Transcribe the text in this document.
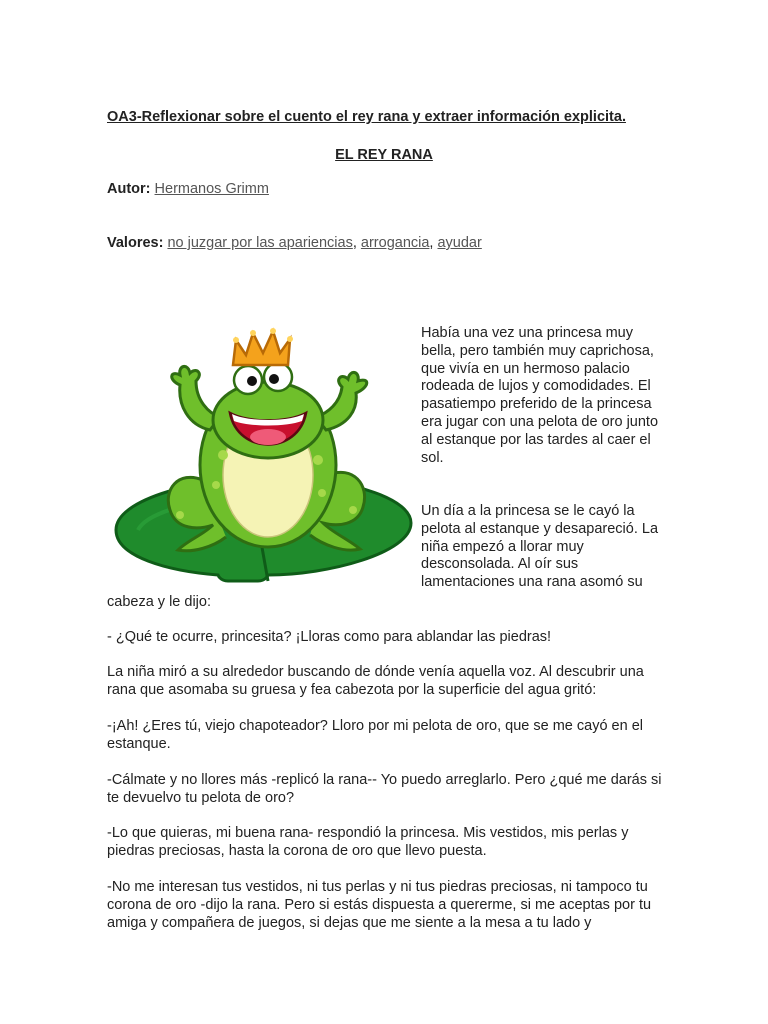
OA3-Reflexionar sobre el cuento el rey rana y extraer información explicita.
EL REY RANA
Autor: Hermanos Grimm
Valores: no juzgar por las apariencias, arrogancia, ayudar
Había una vez una princesa muy bella, pero también muy caprichosa, que vivía en un hermoso palacio rodeada de lujos y comodidades. El pasatiempo preferido de la princesa era jugar con una pelota de oro junto al estanque por las tardes al caer el sol.
Un día a la princesa se le cayó la pelota al estanque y desapareció. La niña empezó a llorar muy desconsolada. Al oír sus lamentaciones una rana asomó su
cabeza y le dijo:
- ¿Qué te ocurre, princesita? ¡Lloras como para ablandar las piedras!
La niña miró a su alrededor buscando de dónde venía aquella voz. Al descubrir una rana que asomaba su gruesa y fea cabezota por la superficie del agua gritó:
-¡Ah! ¿Eres tú, viejo chapoteador? Lloro por mi pelota de oro, que se me cayó en el estanque.
-Cálmate y no llores más -replicó la rana-- Yo puedo arreglarlo. Pero ¿qué me darás si te devuelvo tu pelota de oro?
-Lo que quieras, mi buena rana- respondió la princesa. Mis vestidos, mis perlas y piedras preciosas, hasta la corona de oro que llevo puesta.
-No me interesan tus vestidos, ni tus perlas y ni tus piedras preciosas, ni tampoco tu corona de oro -dijo la rana. Pero si estás dispuesta a quererme, si me aceptas por tu amiga y compañera de juegos, si dejas que me siente a la mesa a tu lado y
